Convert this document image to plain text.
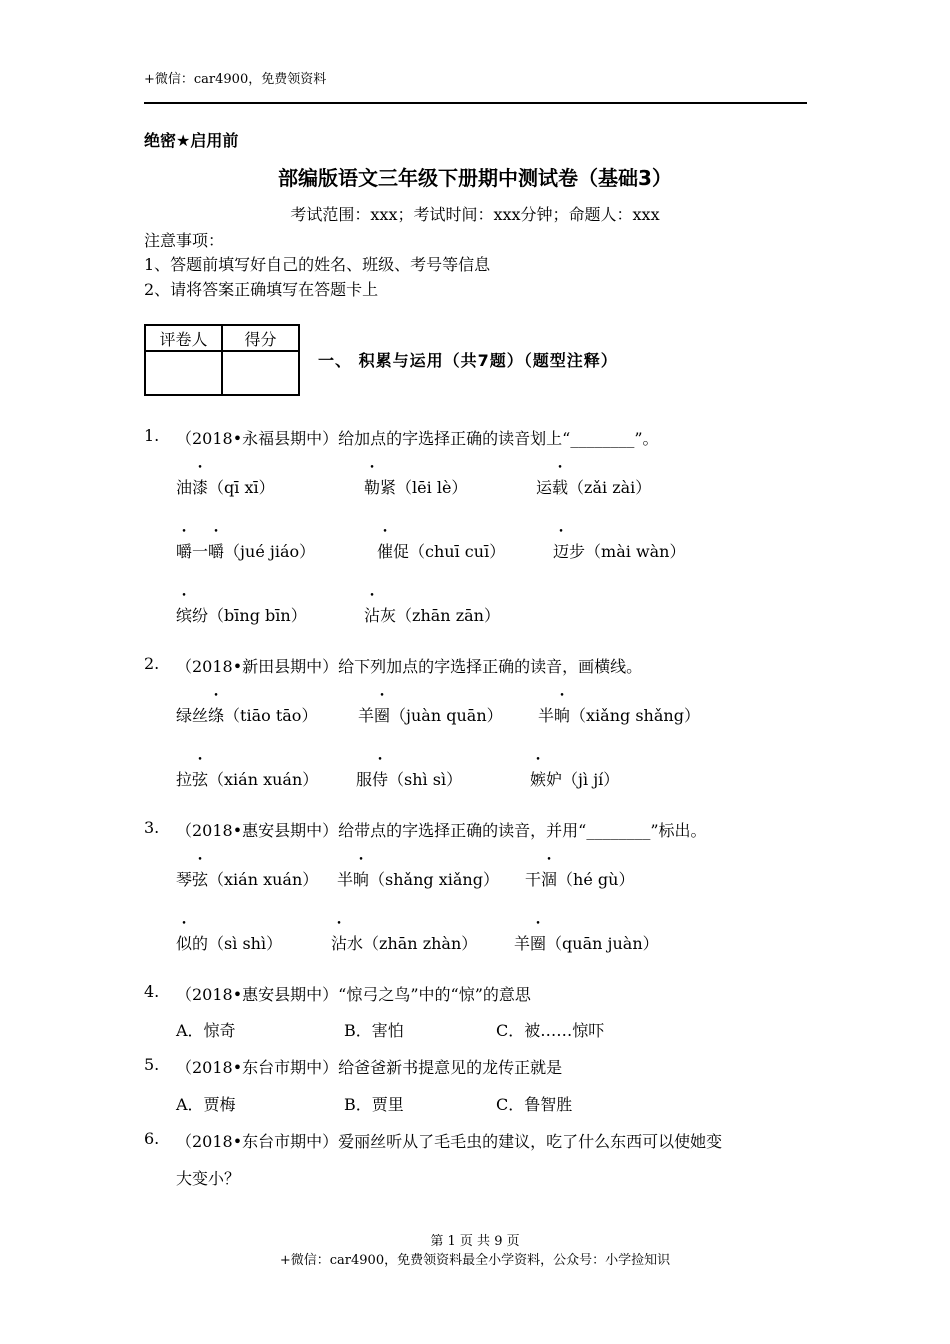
+微信：car4900，免费领资料
绝密★启用前
部编版语文三年级下册期中测试卷（基础3）
考试范围：xxx；考试时间：xxx分钟；命题人：xxx
注意事项：
1、答题前填写好自己的姓名、班级、考号等信息
2、请将答案正确填写在答题卡上
评卷人	得分

一、 积累与运用（共7题）（题型注释）
1.	（2018•永福县期中）给加点的字选择正确的读音划上“________”。
油漆（qī xī）	勒紧（lēi lè）	运载（zǎi zài）
嚼一嚼（jué jiáo）	催促（chuī cuī）	迈步（mài wàn）
缤纷（bīng bīn）	沾灰（zhān zān）
2.	（2018•新田县期中）给下列加点的字选择正确的读音，画横线。
绿丝绦（tiāo tāo）	羊圈（juàn quān） 半晌（xiǎng shǎng）
拉弦（xián xuán） 服侍（shì sì）	嫉妒（jì jí）
3.	（2018•惠安县期中）给带点的字选择正确的读音，并用“________”标出。
琴弦（xián xuán） 半晌（shǎng xiǎng） 干涸（hé gù）
似的（sì shì）	沾水（zhān zhàn） 羊圈（quān juàn）
4.	（2018•惠安县期中）“惊弓之鸟”中的“惊”的意思
A．惊奇	B．害怕	C．被……惊吓
5.	（2018•东台市期中）给爸爸新书提意见的龙传正就是
A．贾梅	B．贾里	C．鲁智胜
6.	（2018•东台市期中）爱丽丝听从了毛毛虫的建议，吃了什么东西可以使她变
大变小？
第 1 页 共 9 页
+微信：car4900，免费领资料最全小学资料，公众号：小学捡知识
